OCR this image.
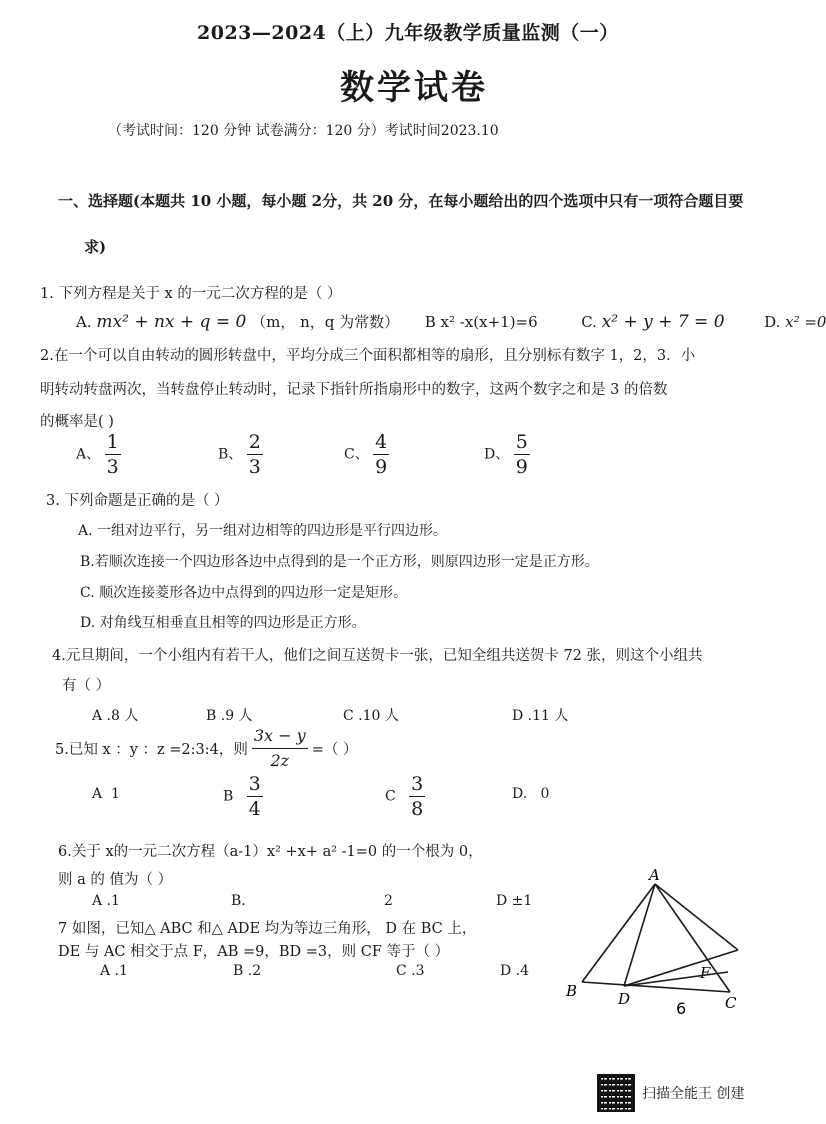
2023—2024（上）九年级教学质量监测（一）
数学试卷
（考试时间：120 分钟 试卷满分：120 分）考试时间2023.10
一、选择题(本题共 10 小题，每小题 2分，共 20 分，在每小题给出的四个选项中只有一项符合题目要
求)
1. 下列方程是关于 x 的一元二次方程的是（ ）
A. mx² + nx + q = 0 （m， n，q 为常数） B x² -x(x+1)=6	C. x² + y + 7 = 0	D. x² =0
2.在一个可以自由转动的圆形转盘中，平均分成三个面积都相等的扇形，且分别标有数字 1，2，3．小
明转动转盘两次，当转盘停止转动时，记录下指针所指扇形中的数字，这两个数字之和是 3 的倍数
的概率是( )
A、 $\frac{1}{3}$	B、 $\frac{2}{3}$	C、 $\frac{4}{9}$	D、 $\frac{5}{9}$
3. 下列命题是正确的是（ ）
A. 一组对边平行，另一组对边相等的四边形是平行四边形。
B.若顺次连接一个四边形各边中点得到的是一个正方形，则原四边形一定是正方形。
C. 顺次连接菱形各边中点得到的四边形一定是矩形。
D. 对角线互相垂直且相等的四边形是正方形。
4.元旦期间，一个小组内有若干人，他们之间互送贺卡一张，已知全组共送贺卡 72 张，则这个小组共
有（ ）
A .8 人	B .9 人	C .10 人	D .11 人
5.已知 x ：y ：z =2:3:4，则 $\frac{3x - y}{2z}$ =（ ）
A 1	B $\frac{3}{4}$	C $\frac{3}{8}$	D. 0
6.关于 x的一元二次方程（a-1）x² +x+ a² -1=0 的一个根为 0，
则 a 的 值为（ ）
A .1	B.	2	D ±1
7 如图，已知△ ABC 和△ ADE 均为等边三角形， D 在 BC 上，
DE 与 AC 相交于点 F，AB =9，BD =3，则 CF 等于（ ）
A .1	B .2	C .3	D .4
A
B	D	C
F
6
扫描全能王 创建
